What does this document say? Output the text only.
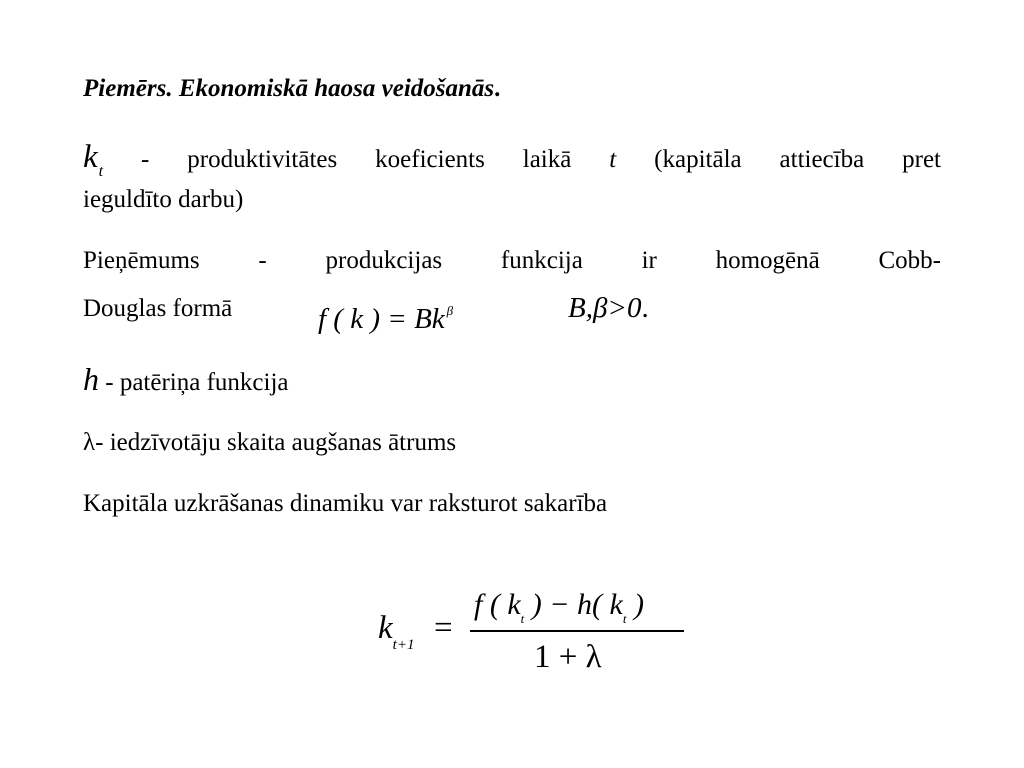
Piemērs. Ekonomiskā haosa veidošanās.
$k_t$ - produktivitātes koeficients laikā t (kapitāla attiecība pret
ieguldīto darbu)
Pieņēmums - produkcijas funkcija ir homogēnā Cobb-
Douglas formā	f ( k ) = Bk $^\beta$	B,β>0.
h - patēriņa funkcija
λ- iedzīvotāju skaita augšanas ātrums
Kapitāla uzkrāšanas dinamiku var raksturot sakarība
$k_{t+1}$ =
f ( $k_t$ ) − h( $k_t$ )
1 + λ
